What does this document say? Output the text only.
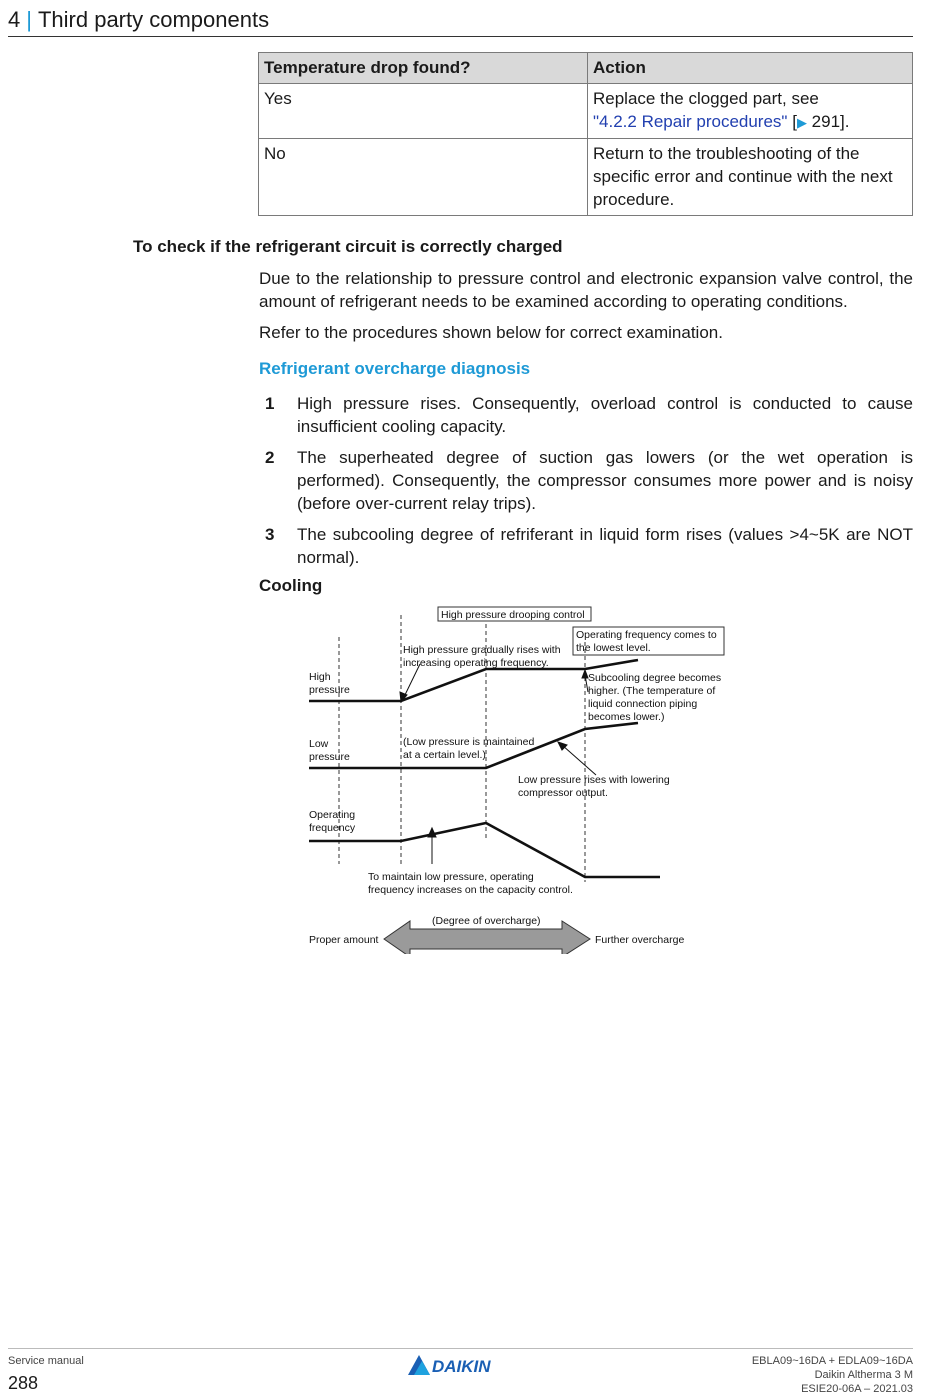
4 | Third party components
Temperature drop found?	Action
Yes	Replace the clogged part, see
"4.2.2 Repair procedures" [▶ 291].
No	Return to the troubleshooting of the specific error and continue with the next procedure.
To check if the refrigerant circuit is correctly charged
Due to the relationship to pressure control and electronic expansion valve control, the amount of refrigerant needs to be examined according to operating conditions.
Refer to the procedures shown below for correct examination.
Refrigerant overcharge diagnosis
1	High pressure rises. Consequently, overload control is conducted to cause insufficient cooling capacity.
2	The superheated degree of suction gas lowers (or the wet operation is performed). Consequently, the compressor consumes more power and is noisy (before over-current relay trips).
3	The subcooling degree of refriferant in liquid form rises (values >4~5K are NOT normal).
Cooling
High pressure drooping control
Operating frequency comes to
the lowest level.
High pressure gradually rises with
increasing operating frequency.
High
pressure
Subcooling degree becomes
higher. (The temperature of
liquid connection piping
becomes lower.)
Low
pressure
(Low pressure is maintained
at a certain level.)
Low pressure rises with lowering
compressor output.
Operating
frequency
To maintain low pressure, operating
frequency increases on the capacity control.
(Degree of overcharge)
Proper amount	Further overcharge
Service manual
288
DAIKIN	EBLA09~16DA + EDLA09~16DA
Daikin Altherma 3 M
ESIE20-06A – 2021.03
